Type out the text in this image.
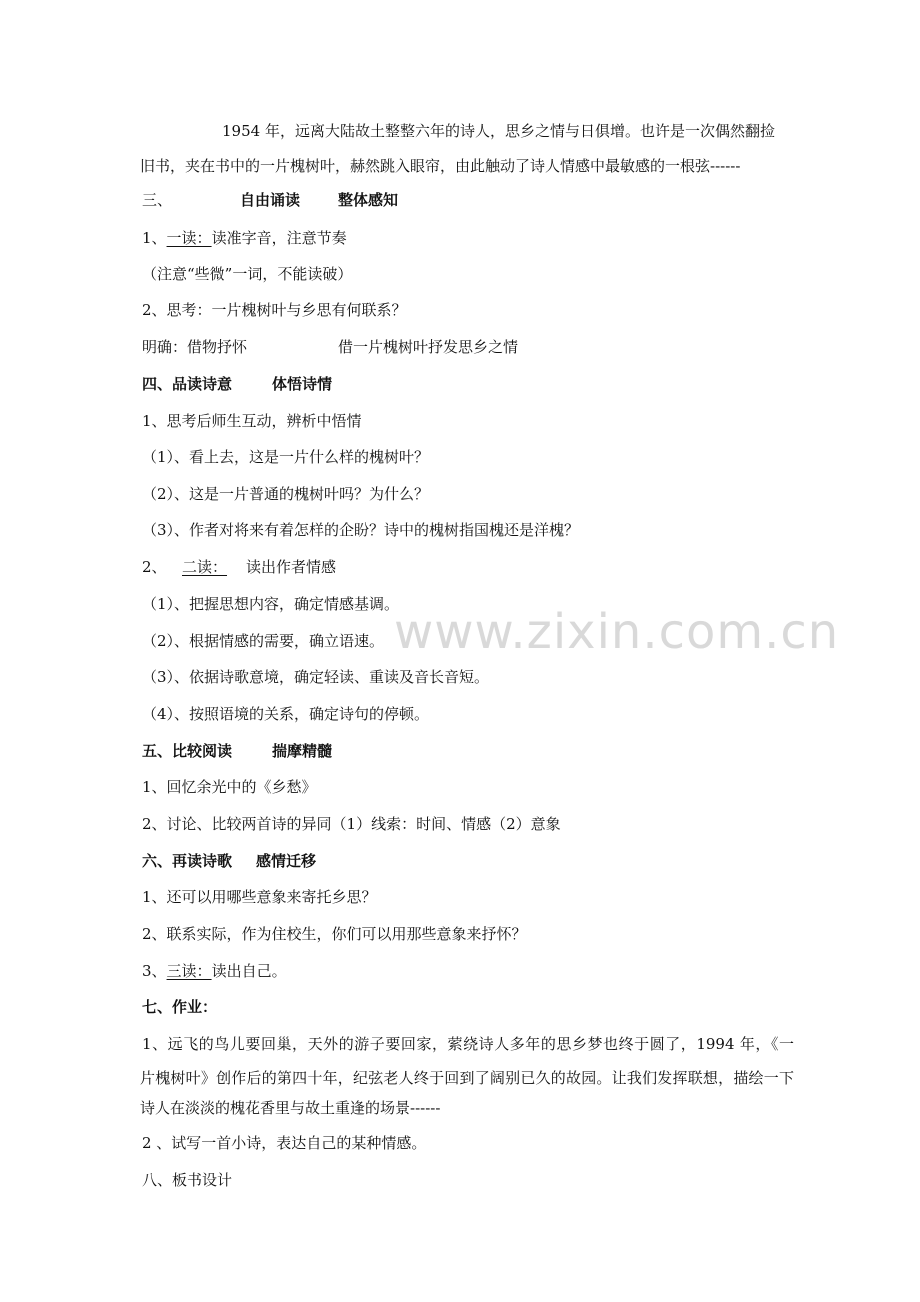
www.zixin.com.cn
1954 年，远离大陆故土整整六年的诗人，思乡之情与日俱增。也许是一次偶然翻捡
旧书，夹在书中的一片槐树叶，赫然跳入眼帘，由此触动了诗人情感中最敏感的一根弦------
三、	自由诵读	整体感知
1、一读：读准字音，注意节奏
（注意“些微”一词，不能读破）
2、思考：一片槐树叶与乡思有何联系？
明确：借物抒怀	借一片槐树叶抒发思乡之情
四、品读诗意	体悟诗情
1、思考后师生互动，辨析中悟情
（1）、看上去，这是一片什么样的槐树叶？
（2）、这是一片普通的槐树叶吗？为什么？
（3）、作者对将来有着怎样的企盼？诗中的槐树指国槐还是洋槐？
2、 二读： 读出作者情感
（1）、把握思想内容，确定情感基调。
（2）、根据情感的需要，确立语速。
（3）、依据诗歌意境，确定轻读、重读及音长音短。
（4）、按照语境的关系，确定诗句的停顿。
五、比较阅读	揣摩精髓
1、回忆余光中的《乡愁》
2、讨论、比较两首诗的异同（1）线索：时间、情感（2）意象
六、再读诗歌 感情迁移
1、还可以用哪些意象来寄托乡思？
2、联系实际，作为住校生，你们可以用那些意象来抒怀？
3、三读：读出自己。
七、作业：
1、远飞的鸟儿要回巢，天外的游子要回家，萦绕诗人多年的思乡梦也终于圆了，1994 年，《一
片槐树叶》创作后的第四十年，纪弦老人终于回到了阔别已久的故园。让我们发挥联想，描绘一下
诗人在淡淡的槐花香里与故土重逢的场景------
2 、试写一首小诗，表达自己的某种情感。
八、板书设计
